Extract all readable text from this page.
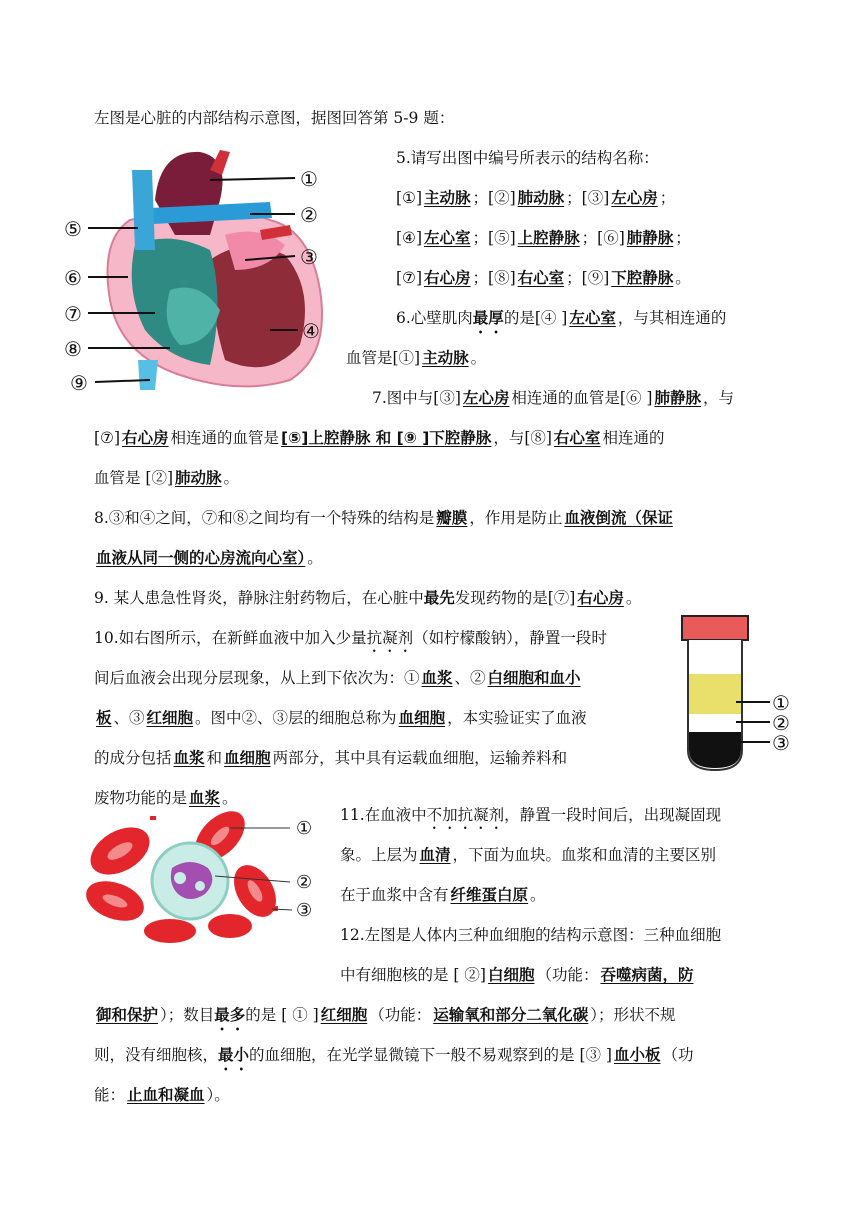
左图是心脏的内部结构示意图，据图回答第 5-9 题：
①
②
③
④
⑤
⑥
⑦
⑧
⑨
5.请写出图中编号所表示的结构名称：
[①] 主动脉 ；[②] 肺动脉 ；[③] 左心房 ；
[④] 左心室 ；[⑤] 上腔静脉 ；[⑥] 肺静脉 ；
[⑦] 右心房 ；[⑧] 右心室 ；[⑨] 下腔静脉 。
6.心壁肌肉最厚的是[④ ] 左心室 ，与其相连通的
血管是[①] 主动脉 。
7.图中与[③] 左心房 相连通的血管是[⑥ ] 肺静脉 ，与
[⑦] 右心房 相连通的血管是 [⑤]上腔静脉 和 [⑨ ]下腔静脉 ，与[⑧] 右心室 相连通的
血管是 [②] 肺动脉 。
8.③和④之间，⑦和⑧之间均有一个特殊的结构是 瓣膜 ，作用是防止 血液倒流（保证
血液从同一侧的心房流向心室） 。
9. 某人患急性肾炎，静脉注射药物后，在心脏中最先发现药物的是[⑦] 右心房 。
10.如右图所示，在新鲜血液中加入少量抗凝剂（如柠檬酸钠），静置一段时
间后血液会出现分层现象，从上到下依次为：① 血浆 、② 白细胞和血小
板 、③ 红细胞 。图中②、③层的细胞总称为 血细胞 ，本实验证实了血液
的成分包括 血浆 和 血细胞 两部分，其中具有运载血细胞，运输养料和
废物功能的是 血浆 。
①
②
③
①
②
③
11.在血液中不加抗凝剂，静置一段时间后，出现凝固现
象。上层为 血清 ，下面为血块。血浆和血清的主要区别
在于血浆中含有 纤维蛋白原 。
12.左图是人体内三种血细胞的结构示意图：三种血细胞
中有细胞核的是 [ ②] 白细胞 （功能： 吞噬病菌，防
御和保护 ）；数目最多的是 [ ① ] 红细胞 （功能： 运输氧和部分二氧化碳 ）；形状不规
则，没有细胞核，最小的血细胞，在光学显微镜下一般不易观察到的是 [③ ] 血小板 （功
能： 止血和凝血 ）。
